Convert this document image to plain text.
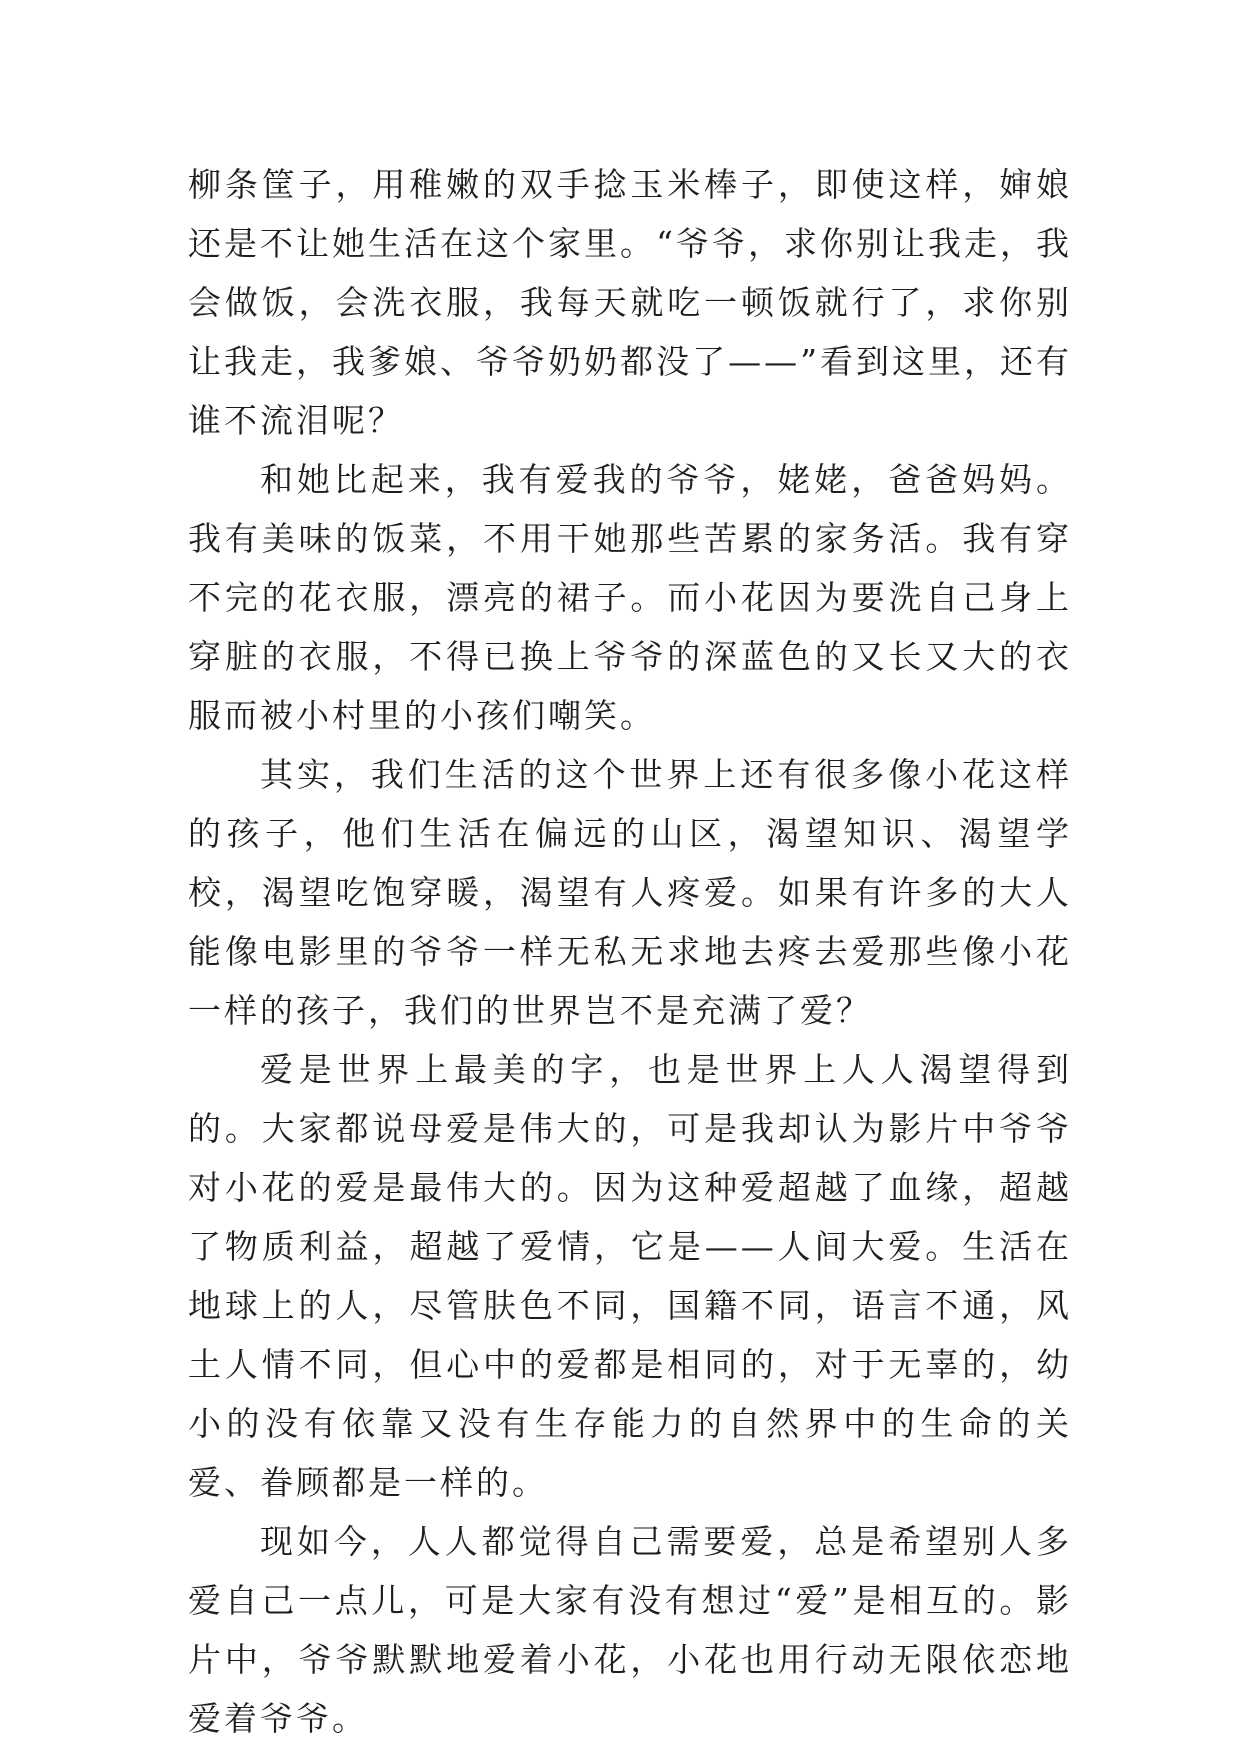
柳条筐子，用稚嫩的双手捻玉米棒子，即使这样，婶娘还是不让她生活在这个家里。“爷爷，求你别让我走，我会做饭，会洗衣服，我每天就吃一顿饭就行了，求你别让我走，我爹娘、爷爷奶奶都没了——”看到这里，还有谁不流泪呢？

和她比起来，我有爱我的爷爷，姥姥，爸爸妈妈。我有美味的饭菜，不用干她那些苦累的家务活。我有穿不完的花衣服，漂亮的裙子。而小花因为要洗自己身上穿脏的衣服，不得已换上爷爷的深蓝色的又长又大的衣服而被小村里的小孩们嘲笑。

其实，我们生活的这个世界上还有很多像小花这样的孩子，他们生活在偏远的山区，渴望知识、渴望学校，渴望吃饱穿暖，渴望有人疼爱。如果有许多的大人能像电影里的爷爷一样无私无求地去疼去爱那些像小花一样的孩子，我们的世界岂不是充满了爱？

爱是世界上最美的字，也是世界上人人渴望得到的。大家都说母爱是伟大的，可是我却认为影片中爷爷对小花的爱是最伟大的。因为这种爱超越了血缘，超越了物质利益，超越了爱情，它是——人间大爱。生活在地球上的人，尽管肤色不同，国籍不同，语言不通，风土人情不同，但心中的爱都是相同的，对于无辜的，幼小的没有依靠又没有生存能力的自然界中的生命的关爱、眷顾都是一样的。

现如今，人人都觉得自己需要爱，总是希望别人多爱自己一点儿，可是大家有没有想过“爱”是相互的。影片中，爷爷默默地爱着小花，小花也用行动无限依恋地爱着爷爷。
